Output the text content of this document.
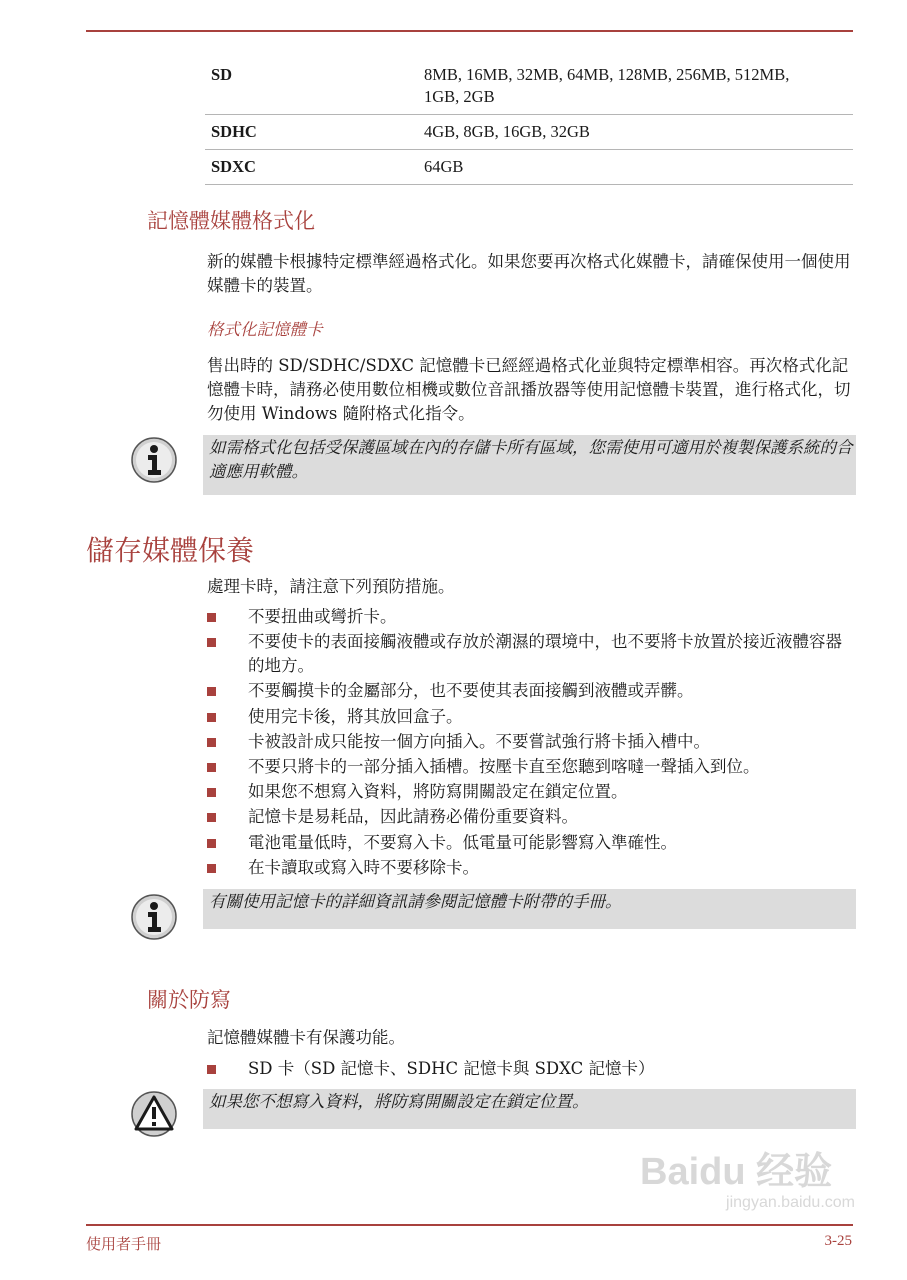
SD	8MB, 16MB, 32MB, 64MB, 128MB, 256MB, 512MB, 1GB, 2GB
SDHC	4GB, 8GB, 16GB, 32GB
SDXC	64GB
記憶體媒體格式化
新的媒體卡根據特定標準經過格式化。如果您要再次格式化媒體卡，請確保使用一個使用媒體卡的裝置。
格式化記憶體卡
售出時的 SD/SDHC/SDXC 記憶體卡已經經過格式化並與特定標準相容。再次格式化記憶體卡時，請務必使用數位相機或數位音訊播放器等使用記憶體卡裝置，進行格式化，切勿使用 Windows 隨附格式化指令。
如需格式化包括受保護區域在內的存儲卡所有區域，您需使用可適用於複製保護系統的合適應用軟體。
儲存媒體保養
處理卡時，請注意下列預防措施。
不要扭曲或彎折卡。
不要使卡的表面接觸液體或存放於潮濕的環境中，也不要將卡放置於接近液體容器的地方。
不要觸摸卡的金屬部分，也不要使其表面接觸到液體或弄髒。
使用完卡後，將其放回盒子。
卡被設計成只能按一個方向插入。不要嘗試強行將卡插入槽中。
不要只將卡的一部分插入插槽。按壓卡直至您聽到喀噠一聲插入到位。
如果您不想寫入資料，將防寫開關設定在鎖定位置。
記憶卡是易耗品，因此請務必備份重要資料。
電池電量低時，不要寫入卡。低電量可能影響寫入準確性。
在卡讀取或寫入時不要移除卡。
有關使用記憶卡的詳細資訊請參閱記憶體卡附帶的手冊。
關於防寫
記憶體媒體卡有保護功能。
SD 卡（SD 記憶卡、SDHC 記憶卡與 SDXC 記憶卡）
如果您不想寫入資料，將防寫開關設定在鎖定位置。
Baidu 经验
jingyan.baidu.com
使用者手冊	3-25
